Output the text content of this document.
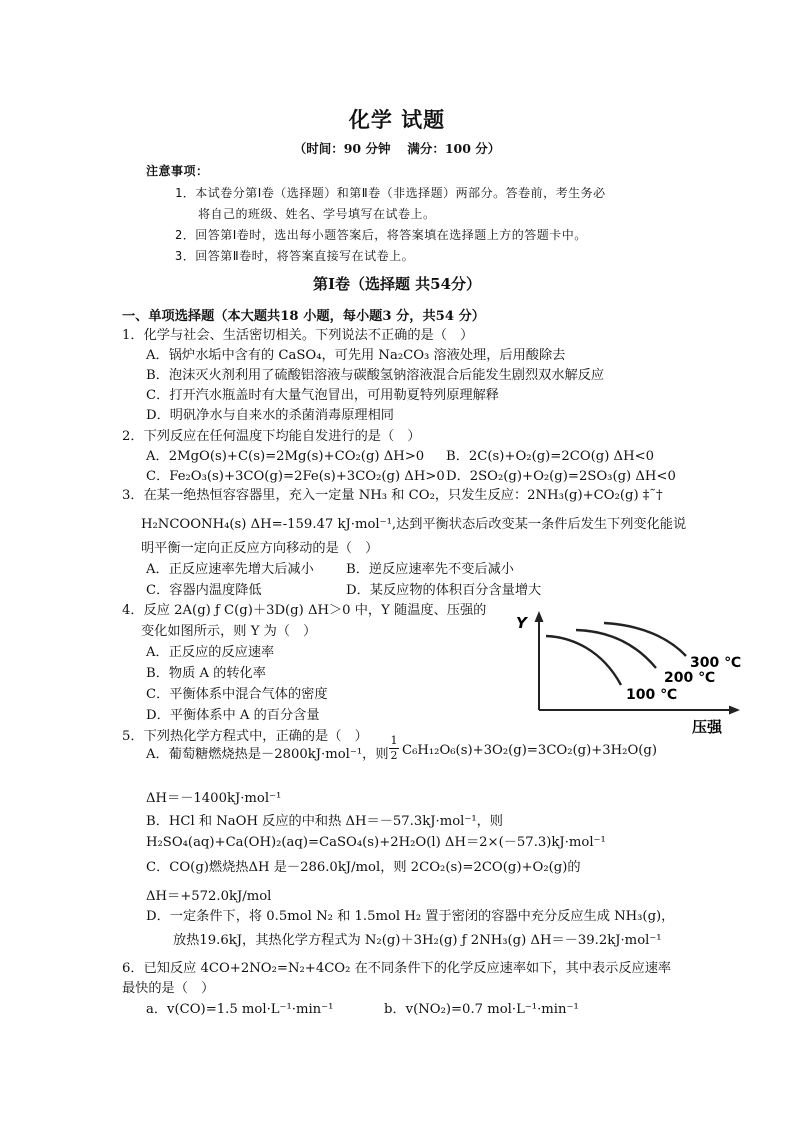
化学 试题
（时间：90 分钟　 满分：100 分）
注意事项：
1．本试卷分第Ⅰ卷（选择题）和第Ⅱ卷（非选择题）两部分。答卷前，考生务必
将自己的班级、姓名、学号填写在试卷上。
2．回答第Ⅰ卷时，选出每小题答案后，将答案填在选择题上方的答题卡中。
3．回答第Ⅱ卷时，将答案直接写在试卷上。
第Ⅰ卷（选择题 共54分）
一、单项选择题（本大题共18 小题，每小题3 分，共54 分）
1．化学与社会、生活密切相关。下列说法不正确的是（　）
A．锅炉水垢中含有的 CaSO₄，可先用 Na₂CO₃ 溶液处理，后用酸除去
B．泡沫灭火剂利用了硫酸铝溶液与碳酸氢钠溶液混合后能发生剧烈双水解反应
C．打开汽水瓶盖时有大量气泡冒出，可用勒夏特列原理解释
D．明矾净水与自来水的杀菌消毒原理相同
2．下列反应在任何温度下均能自发进行的是（　）
A．2MgO(s)+C(s)=2Mg(s)+CO₂(g) ΔH>0 B．2C(s)+O₂(g)=2CO(g) ΔH<0
C．Fe₂O₃(s)+3CO(g)=2Fe(s)+3CO₂(g) ΔH>0 D．2SO₂(g)+O₂(g)=2SO₃(g) ΔH<0
3．在某一绝热恒容容器里，充入一定量 NH₃ 和 CO₂，只发生反应：2NH₃(g)+CO₂(g) ‡˜†
H₂NCOONH₄(s) ΔH=-159.47 kJ·mol⁻¹,达到平衡状态后改变某一条件后发生下列变化能说
明平衡一定向正反应方向移动的是（　）
A．正反应速率先增大后减小 B．逆反应速率先不变后减小
C．容器内温度降低	D．某反应物的体积百分含量增大
4．反应 2A(g) ƒ C(g)＋3D(g) ΔH＞0 中，Y 随温度、压强的
变化如图所示，则 Y 为（　）
A．正反应的反应速率
B．物质 A 的转化率
C．平衡体系中混合气体的密度
D．平衡体系中 A 的百分含量
Y
压强
300 ℃
200 ℃
100 ℃
5．下列热化学方程式中，正确的是（　）
A．葡萄糖燃烧热是－2800kJ·mol⁻¹，则 $\frac{1}{2} C_6H_{12}O_6(s)+3O_2(g)=3CO_2(g)+3H_2O(g)$
ΔH＝－1400kJ·mol⁻¹
B．HCl 和 NaOH 反应的中和热 ΔH＝－57.3kJ·mol⁻¹，则
H₂SO₄(aq)+Ca(OH)₂(aq)=CaSO₄(s)+2H₂O(l) ΔH＝2×(－57.3)kJ·mol⁻¹
C．CO(g)燃烧热ΔH 是－286.0kJ/mol，则 2CO₂(s)=2CO(g)+O₂(g)的
ΔH＝+572.0kJ/mol
D．一定条件下，将 0.5mol N₂ 和 1.5mol H₂ 置于密闭的容器中充分反应生成 NH₃(g)，
放热19.6kJ，其热化学方程式为 N₂(g)＋3H₂(g) ƒ 2NH₃(g) ΔH＝－39.2kJ·mol⁻¹
6．已知反应 4CO+2NO₂=N₂+4CO₂ 在不同条件下的化学反应速率如下，其中表示反应速率
最快的是（　）
a．v(CO)=1.5 mol·L⁻¹·min⁻¹	b．v(NO₂)=0.7 mol·L⁻¹·min⁻¹
